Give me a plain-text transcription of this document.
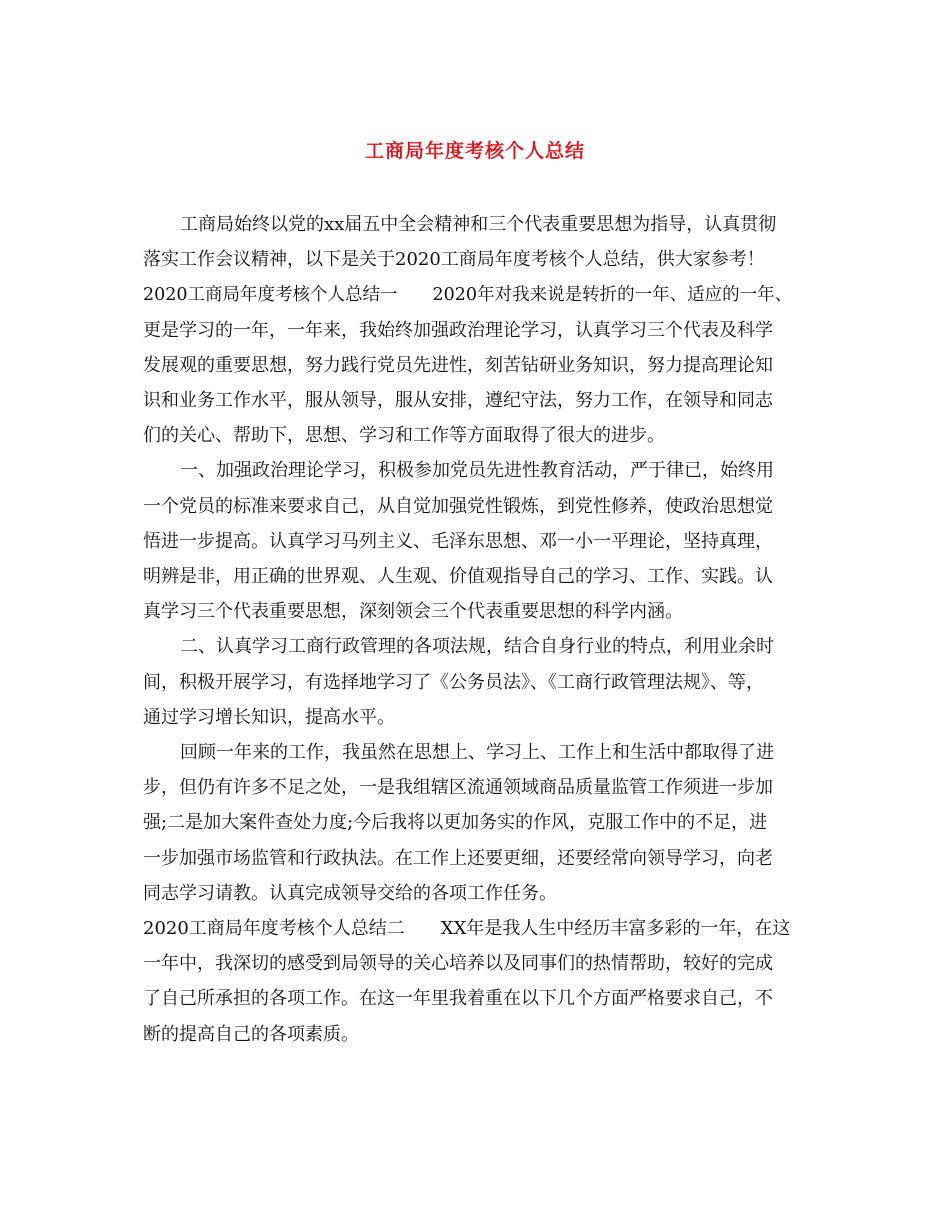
工商局年度考核个人总结

工商局始终以党的xx届五中全会精神和三个代表重要思想为指导，认真贯彻

落实工作会议精神，以下是关于2020工商局年度考核个人总结，供大家参考！

2020工商局年度考核个人总结一　　2020年对我来说是转折的一年、适应的一年、

更是学习的一年，一年来，我始终加强政治理论学习，认真学习三个代表及科学

发展观的重要思想，努力践行党员先进性，刻苦钻研业务知识，努力提高理论知

识和业务工作水平，服从领导，服从安排，遵纪守法，努力工作，在领导和同志

们的关心、帮助下，思想、学习和工作等方面取得了很大的进步。

一、加强政治理论学习，积极参加党员先进性教育活动，严于律已，始终用

一个党员的标准来要求自己，从自觉加强党性锻炼，到党性修养，使政治思想觉

悟进一步提高。认真学习马列主义、毛泽东思想、邓一小一平理论，坚持真理，

明辨是非，用正确的世界观、人生观、价值观指导自己的学习、工作、实践。认

真学习三个代表重要思想，深刻领会三个代表重要思想的科学内涵。

二、认真学习工商行政管理的各项法规，结合自身行业的特点，利用业余时

间，积极开展学习，有选择地学习了《公务员法》、《工商行政管理法规》、等，

通过学习增长知识，提高水平。

回顾一年来的工作，我虽然在思想上、学习上、工作上和生活中都取得了进

步，但仍有许多不足之处，一是我组辖区流通领域商品质量监管工作须进一步加

强;二是加大案件查处力度;今后我将以更加务实的作风，克服工作中的不足，进

一步加强市场监管和行政执法。在工作上还要更细，还要经常向领导学习，向老

同志学习请教。认真完成领导交给的各项工作任务。

2020工商局年度考核个人总结二　　XX年是我人生中经历丰富多彩的一年，在这

一年中，我深切的感受到局领导的关心培养以及同事们的热情帮助，较好的完成

了自己所承担的各项工作。在这一年里我着重在以下几个方面严格要求自己，不

断的提高自己的各项素质。
